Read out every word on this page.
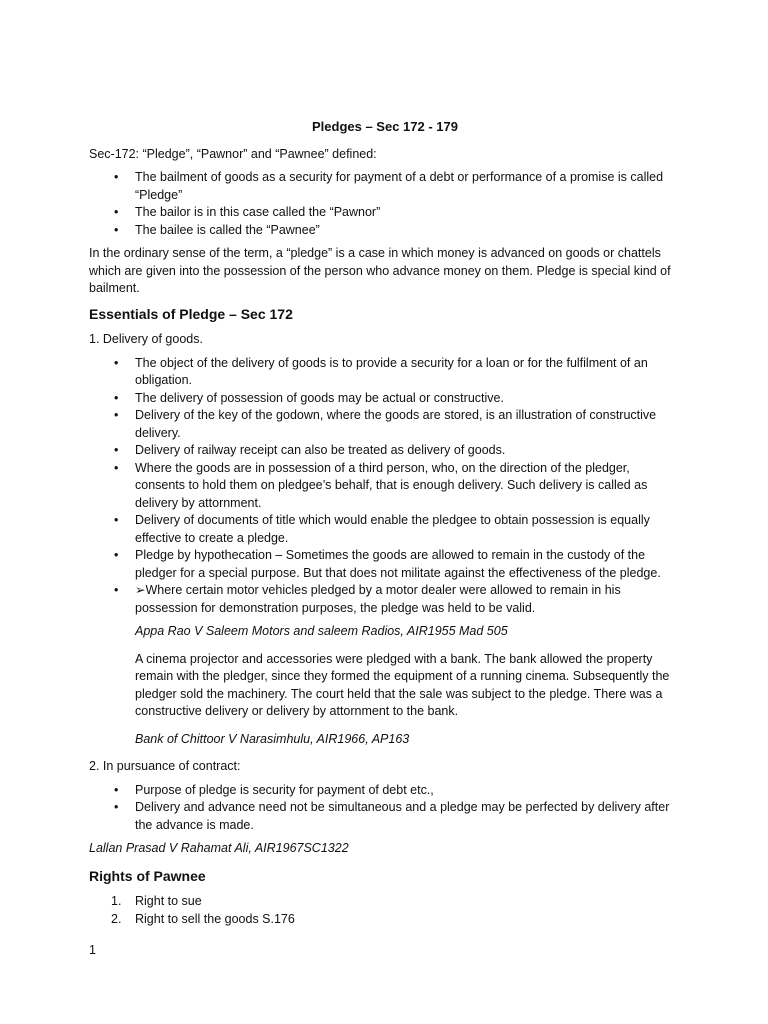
Pledges – Sec 172 - 179

Sec-172: “Pledge”, “Pawnor” and “Pawnee” defined:

• The bailment of goods as a security for payment of a debt or performance of a promise is called “Pledge”
• The bailor is in this case called the “Pawnor”
• The bailee is called the “Pawnee”

In the ordinary sense of the term, a “pledge” is a case in which money is advanced on goods or chattels which are given into the possession of the person who advance money on them. Pledge is special kind of bailment.

Essentials of Pledge – Sec 172

1. Delivery of goods.

• The object of the delivery of goods is to provide a security for a loan or for the fulfilment of an obligation.
• The delivery of possession of goods may be actual or constructive.
• Delivery of the key of the godown, where the goods are stored, is an illustration of constructive delivery.
• Delivery of railway receipt can also be treated as delivery of goods.
• Where the goods are in possession of a third person, who, on the direction of the pledger, consents to hold them on pledgee’s behalf, that is enough delivery. Such delivery is called as delivery by attornment.
• Delivery of documents of title which would enable the pledgee to obtain possession is equally effective to create a pledge.
• Pledge by hypothecation – Sometimes the goods are allowed to remain in the custody of the pledger for a special purpose. But that does not militate against the effectiveness of the pledge.
• ➢Where certain motor vehicles pledged by a motor dealer were allowed to remain in his possession for demonstration purposes, the pledge was held to be valid.

Appa Rao V Saleem Motors and saleem Radios, AIR1955 Mad 505

A cinema projector and accessories were pledged with a bank. The bank allowed the property remain with the pledger, since they formed the equipment of a running cinema. Subsequently the pledger sold the machinery. The court held that the sale was subject to the pledge. There was a constructive delivery or delivery by attornment to the bank.

Bank of Chittoor V Narasimhulu, AIR1966, AP163

2. In pursuance of contract:

• Purpose of pledge is security for payment of debt etc.,
• Delivery and advance need not be simultaneous and a pledge may be perfected by delivery after the advance is made.

Lallan Prasad V Rahamat Ali, AIR1967SC1322

Rights of Pawnee

1. Right to sue
2. Right to sell the goods S.176
1
